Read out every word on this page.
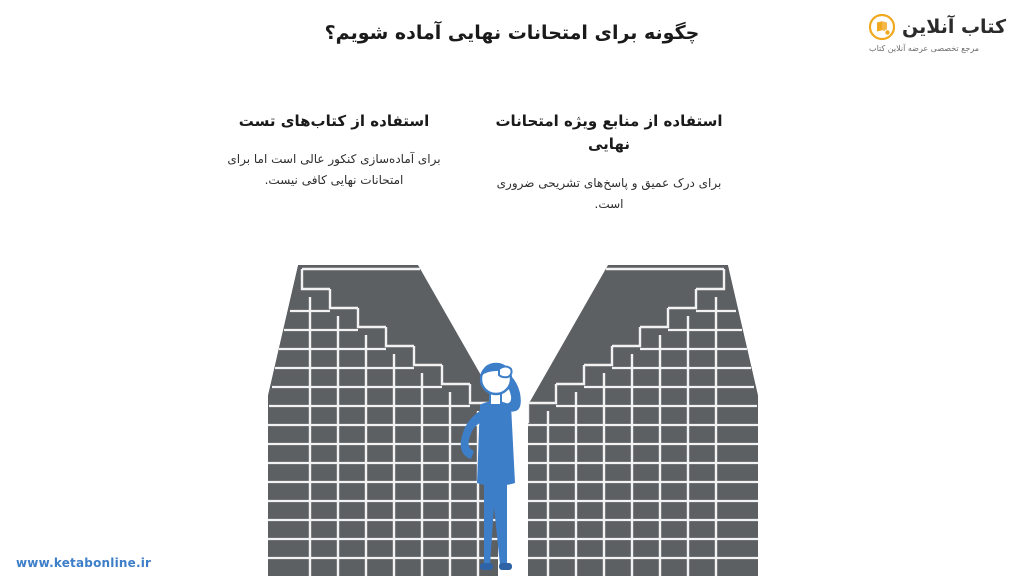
چگونه برای امتحانات نهایی آماده شویم؟	کتاب آنلاین
مرجع تخصصی عرضه آنلاین کتاب
استفاده از منابع ویژه امتحانات نهایی
برای درک عمیق و پاسخ‌های تشریحی ضروری است.
استفاده از کتاب‌های تست
برای آماده‌سازی کنکور عالی است اما برای امتحانات نهایی کافی نیست.
www.ketabonline.ir
